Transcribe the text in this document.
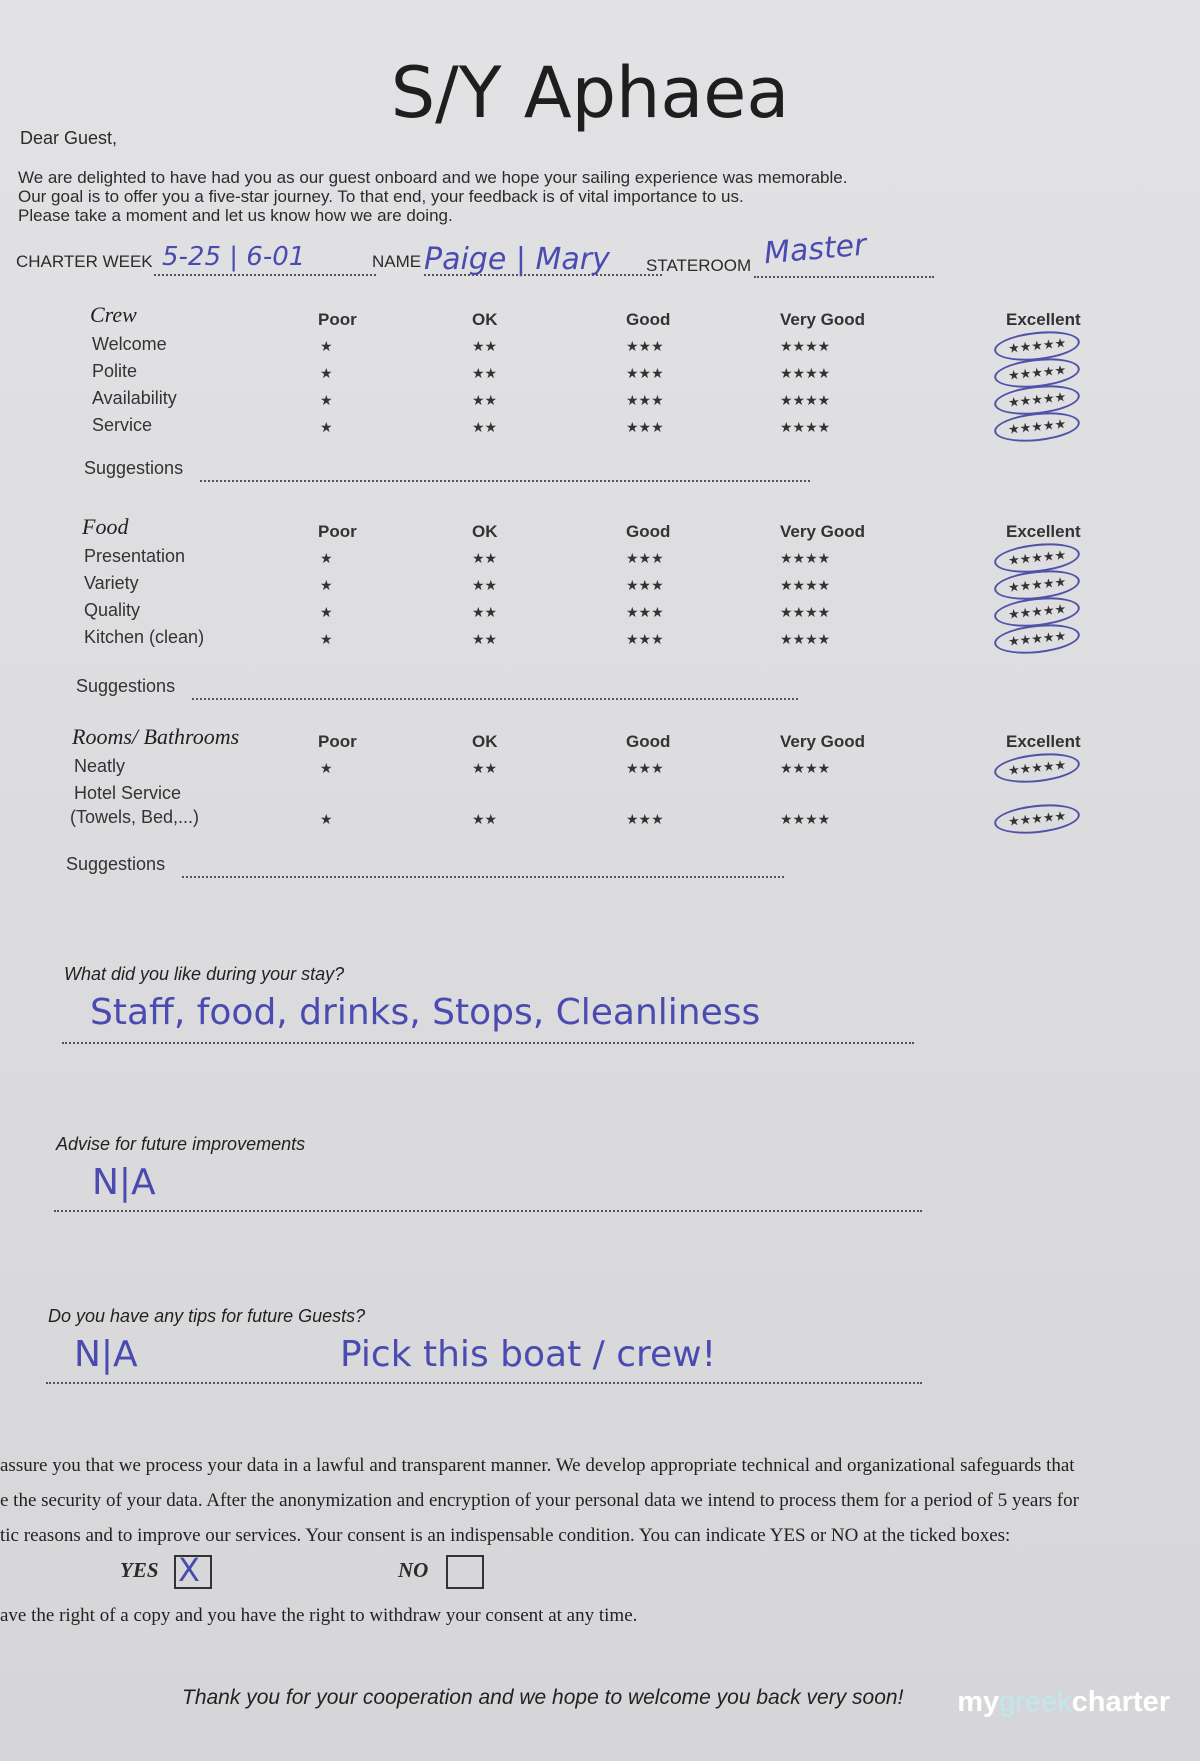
S/Y Aphaea
Dear Guest,
We are delighted to have had you as our guest onboard and we hope your sailing experience was memorable.
Our goal is to offer you a five-star journey. To that end, your feedback is of vital importance to us.
Please take a moment and let us know how we are doing.
CHARTER WEEK 5-25 | 6-01	NAME Paige | Mary STATEROOM Master
Crew	Poor	OK	Good	Very Good	Excellent
Welcome	★	★★	★★★	★★★★	★★★★★
Polite	★	★★	★★★	★★★★	★★★★★
Availability	★	★★	★★★	★★★★	★★★★★
Service	★	★★	★★★	★★★★	★★★★★
Suggestions
Food	Poor	OK	Good	Very Good	Excellent
Presentation	★	★★	★★★	★★★★	★★★★★
Variety	★	★★	★★★	★★★★	★★★★★
Quality	★	★★	★★★	★★★★	★★★★★
Kitchen (clean)	★	★★	★★★	★★★★	★★★★★
Suggestions
Rooms/ Bathrooms	Poor	OK	Good	Very Good	Excellent
Neatly	★	★★	★★★	★★★★	★★★★★
Hotel Service
(Towels, Bed,...)	★	★★	★★★	★★★★	★★★★★
Suggestions
What did you like during your stay?
Staff, food, drinks, Stops, Cleanliness
Advise for future improvements
N|A
Do you have any tips for future Guests?
N|A	Pick this boat / crew!
assure you that we process your data in a lawful and transparent manner. We develop appropriate technical and organizational safeguards that
e the security of your data. After the anonymization and encryption of your personal data we intend to process them for a period of 5 years for
tic reasons and to improve our services. Your consent is an indispensable condition. You can indicate YES or NO at the ticked boxes:
YES X	NO
ave the right of a copy and you have the right to withdraw your consent at any time.
Thank you for your cooperation and we hope to welcome you back very soon! mygreekcharter
